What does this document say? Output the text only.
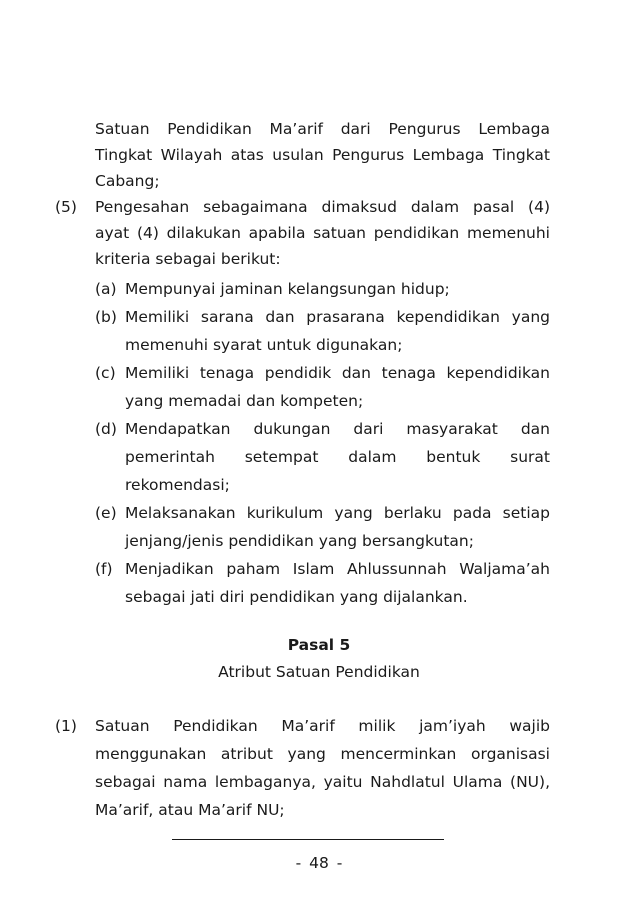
Satuan Pendidikan Ma’arif dari Pengurus Lembaga
Tingkat Wilayah atas usulan Pengurus Lembaga Tingkat
Cabang;
(5) Pengesahan sebagaimana dimaksud dalam pasal (4)
ayat (4) dilakukan apabila satuan pendidikan memenuhi
kriteria sebagai berikut:
(a) Mempunyai jaminan kelangsungan hidup;
(b) Memiliki sarana dan prasarana kependidikan yang
memenuhi syarat untuk digunakan;
(c) Memiliki tenaga pendidik dan tenaga kependidikan
yang memadai dan kompeten;
(d) Mendapatkan dukungan dari masyarakat dan
pemerintah setempat dalam bentuk surat
rekomendasi;
(e) Melaksanakan kurikulum yang berlaku pada setiap
jenjang/jenis pendidikan yang bersangkutan;
(f) Menjadikan paham Islam Ahlussunnah Waljama’ah
sebagai jati diri pendidikan yang dijalankan.
Pasal 5
Atribut Satuan Pendidikan
(1) Satuan Pendidikan Ma’arif milik jam’iyah wajib
menggunakan atribut yang mencerminkan organisasi
sebagai nama lembaganya, yaitu Nahdlatul Ulama (NU),
Ma’arif, atau Ma’arif NU;
- 48 -
